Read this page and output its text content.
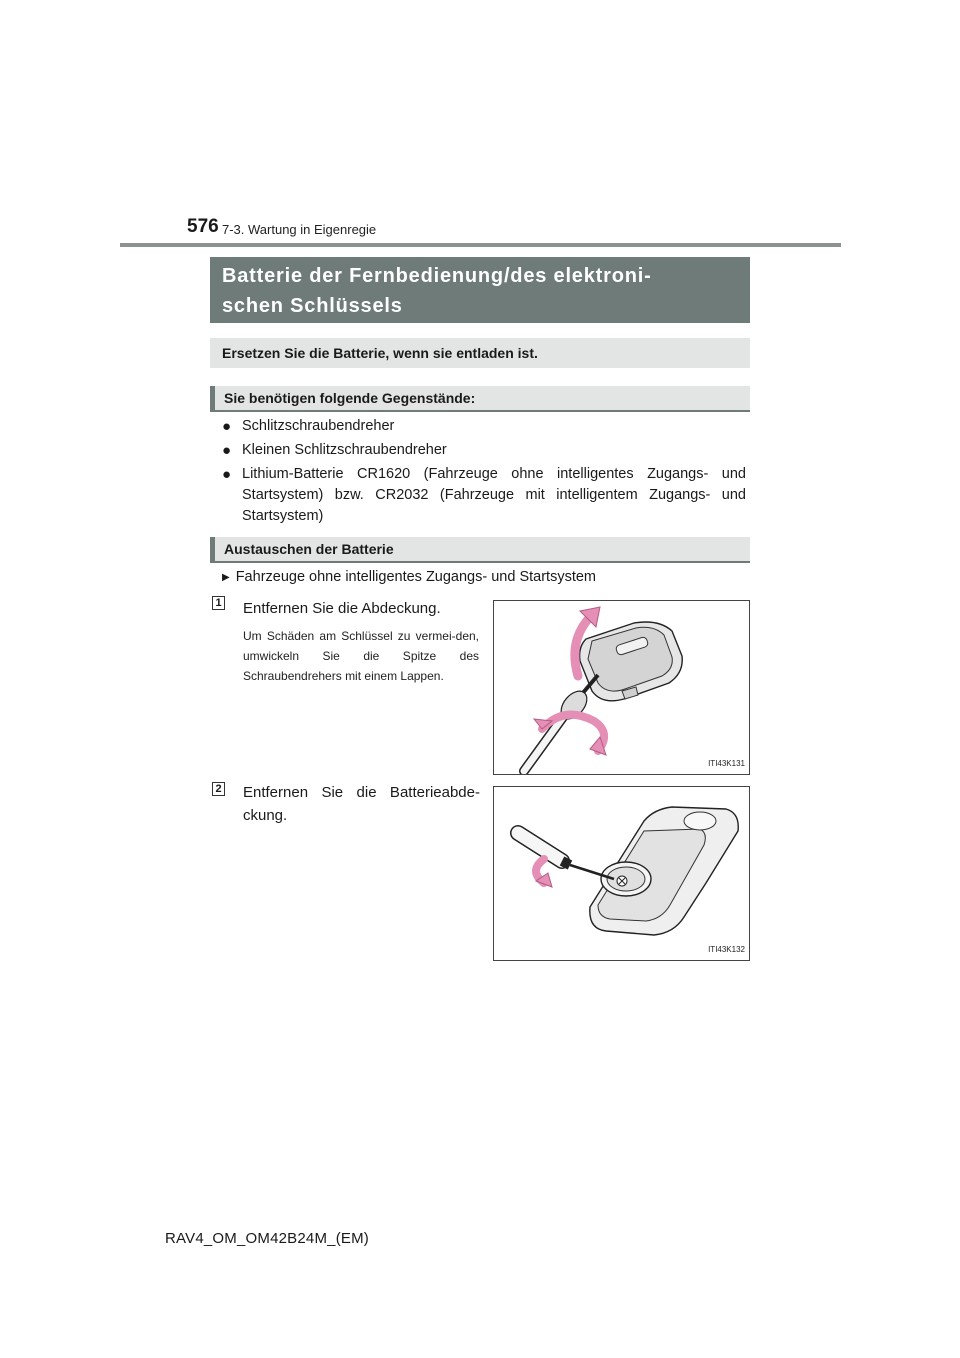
576 7-3. Wartung in Eigenregie
Batterie der Fernbedienung/des elektroni-
schen Schlüssels
Ersetzen Sie die Batterie, wenn sie entladen ist.
Sie benötigen folgende Gegenstände:
● Schlitzschraubendreher
● Kleinen Schlitzschraubendreher
● Lithium-Batterie CR1620 (Fahrzeuge ohne intelligentes Zugangs- und Startsystem) bzw. CR2032 (Fahrzeuge mit intelligentem Zugangs- und Startsystem)
Austauschen der Batterie
▶ Fahrzeuge ohne intelligentes Zugangs- und Startsystem
1 Entfernen Sie die Abdeckung.
Um Schäden am Schlüssel zu vermei-den, umwickeln Sie die Spitze des Schraubendrehers mit einem Lappen.
ITI43K131
2 Entfernen Sie die Batterieabde-ckung.
ITI43K132
RAV4_OM_OM42B24M_(EM)
